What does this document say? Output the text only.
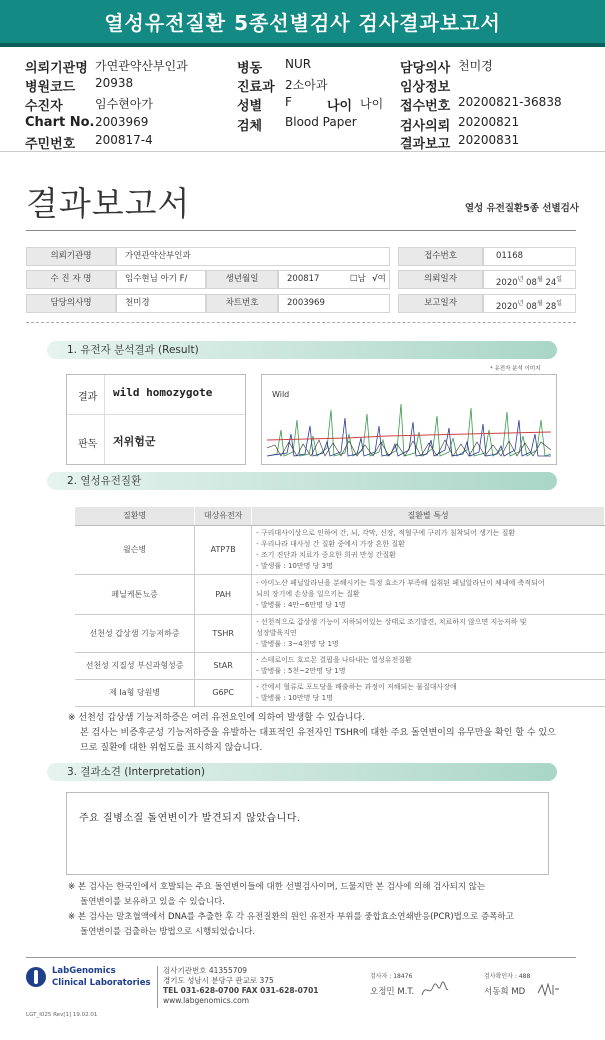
열성유전질환 5종선별검사 검사결과보고서
의뢰기관명 가연관약산부인과
병원코드 20938
수진자	임수현아가
Chart No. 2003969
주민번호 200817-4
병동 NUR
진료과 2소아과
성별 F	나이 나이
검체 Blood Paper
담당의사 천미경
임상정보
접수번호 20200821-36838
검사의뢰 20200821
결과보고 20200831
결과보고서	열성 유전질환5종 선별검사
의뢰기관명	가연관약산부인과	접수번호	01168
수 진 자 명	임수현님 아기 F/	생년월일	200817	☐남 √여	의뢰일자	$2020^년$ $08^월$ $24^일$
담당의사명	천미경	차트번호	2003969	보고일자	$2020^년$ $08^월$ $28^일$
1. 유전자 분석결과 (Result)
* 유전자 분석 이미지
결과 wild homozygote
판독 저위험군
Wild
2. 열성유전질환
질환명	대상유전자	질환별 특성
윌슨병	ATP7B	- 구리대사이상으로 인하여 간, 뇌, 각막, 신장, 적혈구에 구리가 침착되어 생기는 질환
- 우리나라 대사성 간 질환 중에서 가장 흔한 질환
- 조기 진단과 치료가 중요한 희귀 만성 간질환
- 발생률 : 10만명 당 3명

페닐케톤뇨증	PAH	- 아미노산 페닐알라닌을 분해시키는 특정 효소가 부족해 섭취된 페닐알라닌이 체내에 축적되어
뇌의 장기에 손상을 일으키는 질환
- 발병률 : 4만~6만명 당 1명

선천성 갑상샘 기능저하증	TSHR	- 선천적으로 갑상샘 기능이 저하되어있는 상태로 조기발견, 치료하지 않으면 지능저하 및
성장발육지연
- 발병률 : 3~4천명 당 1명

선천성 지질성 부신과형성증	StAR	- 스테로이드 호르몬 결핍을 나타내는 열성유전질환
- 발병률 : 5천~2만명 당 1명

제 Ia형 당원병	G6PC	- 간에서 혈류로 포도당을 배출하는 과정이 저해되는 물질대사장애
- 발병률 : 10만명 당 1명
※ 선천성 갑상샘 기능저하증은 여러 유전요인에 의하여 발생할 수 있습니다.
본 검사는 비증후군성 기능저하증을 유발하는 대표적인 유전자인 TSHR에 대한 주요 돌연변이의 유무만을 확인 할 수 있으
므로 질환에 대한 위험도를 표시하지 않습니다.
3. 결과소견 (Interpretation)
주요 질병소질 돌연변이가 발견되지 않았습니다.
※ 본 검사는 한국인에서 호발되는 주요 돌연변이들에 대한 선별검사이며, 드물지만 본 검사에 의해 검사되지 않는
돌연변이를 보유하고 있을 수 있습니다.
※ 본 검사는 말초혈액에서 DNA를 추출한 후 각 유전질환의 원인 유전자 부위를 중합효소연쇄반응(PCR)법으로 증폭하고
돌연변이를 검출하는 방법으로 시행되었습니다.
LabGenomics
Clinical Laboratories
검사기관번호 41355709
경기도 성남시 분당구 판교로 375
TEL 031-628-0700 FAX 031-628-0701
www.labgenomics.com
검사자 : 18476
오정민 M.T.
검사확인자 : 488
서동희 MD
LGT_I025 Rev[1] 19.02.01
